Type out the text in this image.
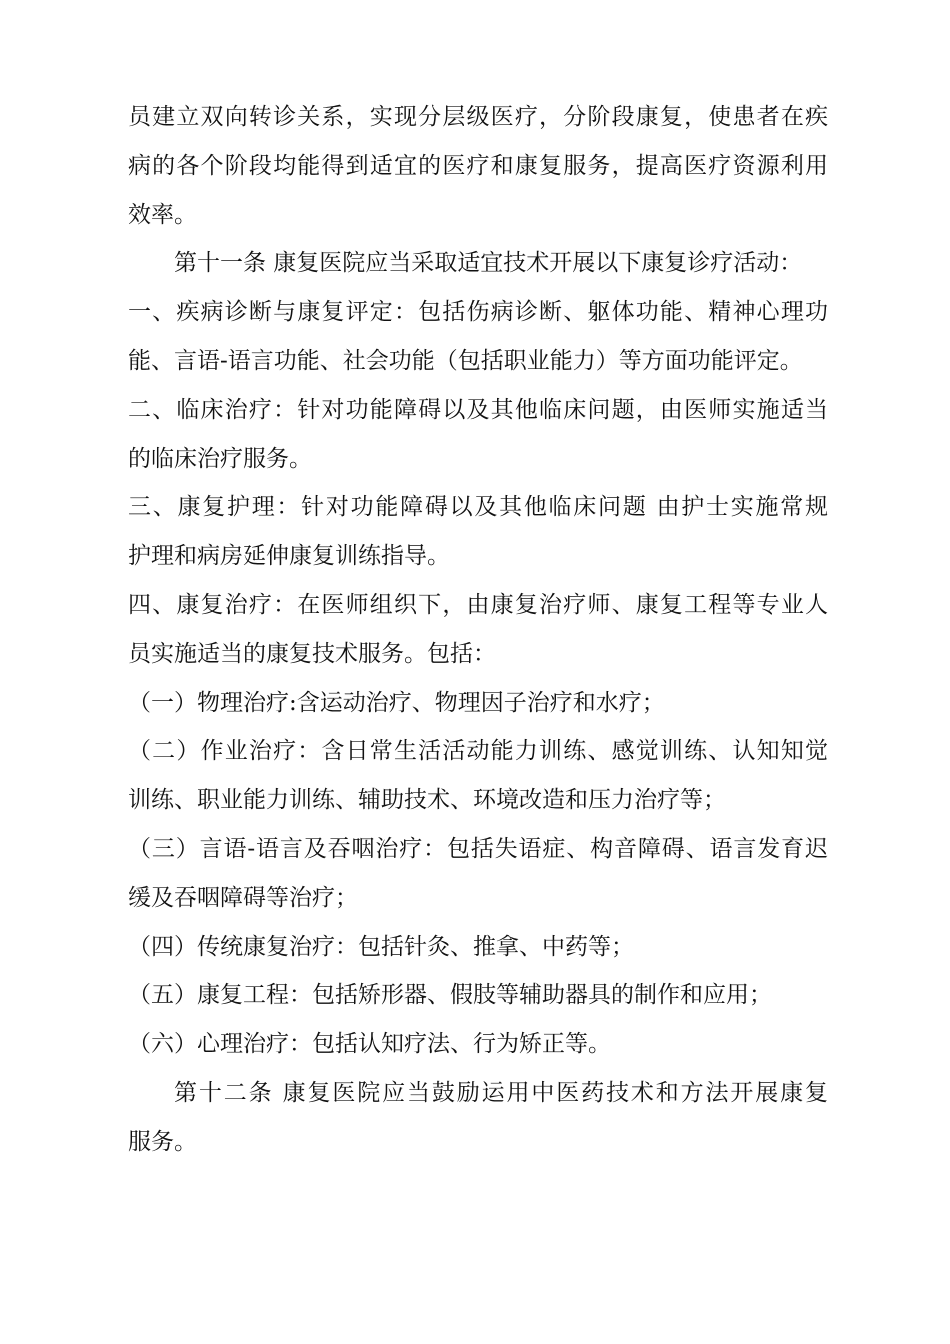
员建立双向转诊关系，实现分层级医疗，分阶段康复，使患者在疾
病的各个阶段均能得到适宜的医疗和康复服务，提高医疗资源利用
效率。
第十一条 康复医院应当采取适宜技术开展以下康复诊疗活动：
一、疾病诊断与康复评定：包括伤病诊断、躯体功能、精神心理功
能、言语-语言功能、社会功能（包括职业能力）等方面功能评定。
二、临床治疗：针对功能障碍以及其他临床问题，由医师实施适当
的临床治疗服务。
三、康复护理：针对功能障碍以及其他临床问题 由护士实施常规
护理和病房延伸康复训练指导。
四、康复治疗：在医师组织下，由康复治疗师、康复工程等专业人
员实施适当的康复技术服务。包括：
（一）物理治疗:含运动治疗、物理因子治疗和水疗；
（二）作业治疗：含日常生活活动能力训练、感觉训练、认知知觉
训练、职业能力训练、辅助技术、环境改造和压力治疗等；
（三）言语-语言及吞咽治疗：包括失语症、构音障碍、语言发育迟
缓及吞咽障碍等治疗；
（四）传统康复治疗：包括针灸、推拿、中药等；
（五）康复工程：包括矫形器、假肢等辅助器具的制作和应用；
（六）心理治疗：包括认知疗法、行为矫正等。
第十二条 康复医院应当鼓励运用中医药技术和方法开展康复
服务。
